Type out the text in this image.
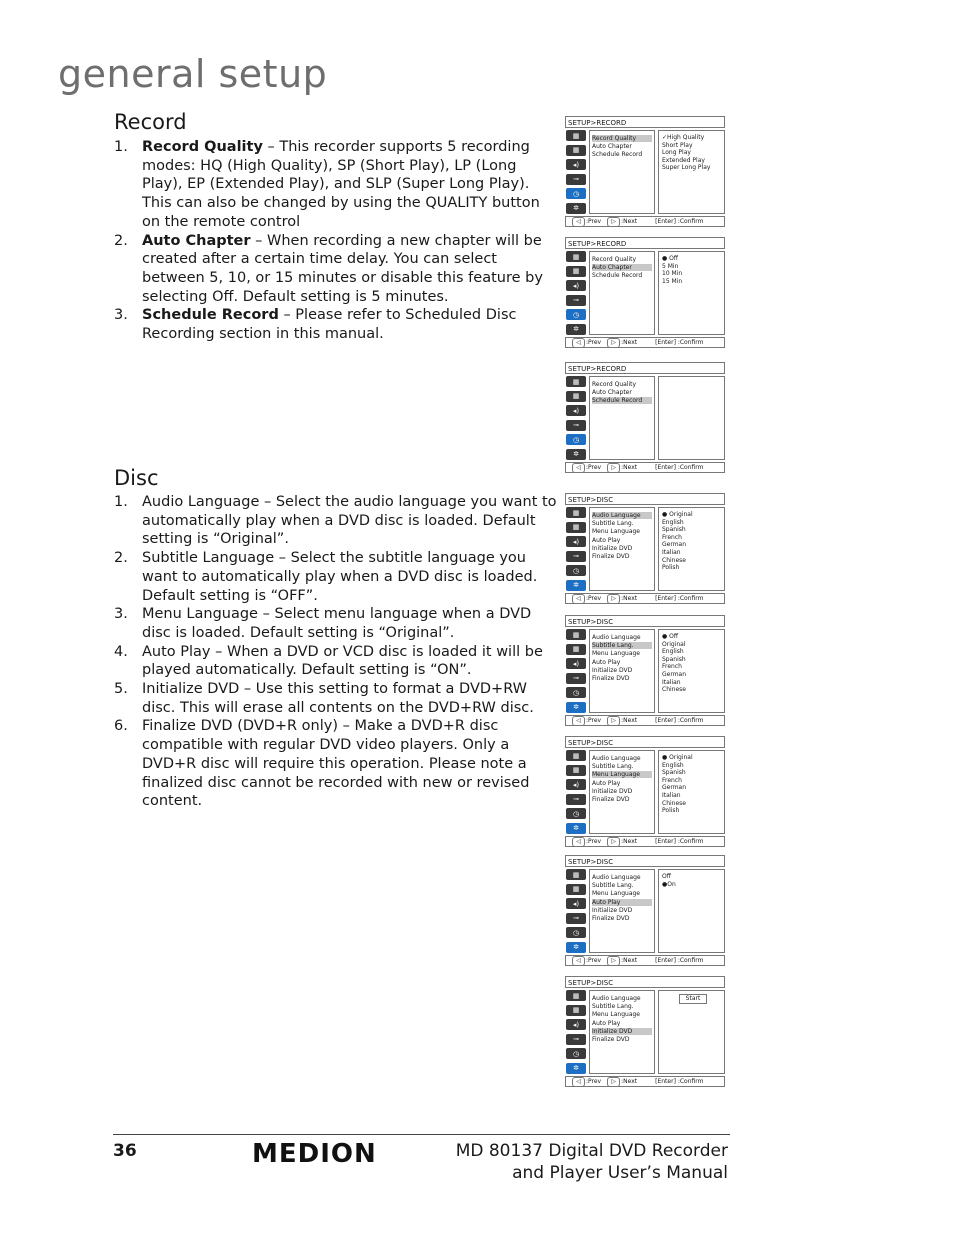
general setup
Record
1. Record Quality – This recorder supports 5 recording modes: HQ (High Quality), SP (Short Play), LP (Long Play), EP (Extended Play), and SLP (Super Long Play). This can also be changed by using the QUALITY button on the remote control
2. Auto Chapter – When recording a new chapter will be created after a certain time delay. You can select between 5, 10, or 15 minutes or disable this feature by selecting Off. Default setting is 5 minutes.
3. Schedule Record – Please refer to Scheduled Disc Recording section in this manual.
Disc
1. Audio Language – Select the audio language you want to automatically play when a DVD disc is loaded. Default setting is “Original”.
2. Subtitle Language – Select the subtitle language you want to automatically play when a DVD disc is loaded. Default setting is “OFF”.
3. Menu Language – Select menu language when a DVD disc is loaded. Default setting is “Original”.
4. Auto Play – When a DVD or VCD disc is loaded it will be played automatically. Default setting is “ON”.
5. Initialize DVD – Use this setting to format a DVD+RW disc. This will erase all contents on the DVD+RW disc.
6. Finalize DVD (DVD+R only) – Make a DVD+R disc compatible with regular DVD video players. Only a DVD+R disc will require this operation. Please note a finalized disc cannot be recorded with new or revised content.
SETUP>RECORD
▦
▦
◂)
⊸
◷
✲
Record Quality
Auto Chapter
Schedule Record
✓High Quality
Short Play
Long Play
Extended Play
Super Long Play
◁ :Prev ▷ :Next	[Enter] :Confirm
SETUP>RECORD
▦
▦
◂)
⊸
◷
✲
Record Quality
Auto Chapter
Schedule Record
● Off
5 Min
10 Min
15 Min
◁ :Prev ▷ :Next	[Enter] :Confirm
SETUP>RECORD
▦
▦
◂)
⊸
◷
✲
Record Quality
Auto Chapter
Schedule Record
◁ :Prev ▷ :Next	[Enter] :Confirm
SETUP>DISC
▦
▦
◂)
⊸
◷
✲
Audio Language
Subtitle Lang.
Menu Language
Auto Play
Initialize DVD
Finalize DVD
● Original
English
Spanish
French
German
Italian
Chinese
Polish
◁ :Prev ▷ :Next	[Enter] :Confirm
SETUP>DISC
▦
▦
◂)
⊸
◷
✲
Audio Language
Subtitle Lang.
Menu Language
Auto Play
Initialize DVD
Finalize DVD
● Off
Original
English
Spanish
French
German
Italian
Chinese
◁ :Prev ▷ :Next	[Enter] :Confirm
SETUP>DISC
▦
▦
◂)
⊸
◷
✲
Audio Language
Subtitle Lang.
Menu Language
Auto Play
Initialize DVD
Finalize DVD
● Original
English
Spanish
French
German
Italian
Chinese
Polish
◁ :Prev ▷ :Next	[Enter] :Confirm
SETUP>DISC
▦
▦
◂)
⊸
◷
✲
Audio Language
Subtitle Lang.
Menu Language
Auto Play
Initialize DVD
Finalize DVD
Off
●On
◁ :Prev ▷ :Next	[Enter] :Confirm
SETUP>DISC
▦
▦
◂)
⊸
◷
✲
Audio Language
Subtitle Lang.
Menu Language
Auto Play
Initialize DVD
Finalize DVD
Start
◁ :Prev ▷ :Next	[Enter] :Confirm
36	MEDION	MD 80137 Digital DVD Recorder
and Player User’s Manual
